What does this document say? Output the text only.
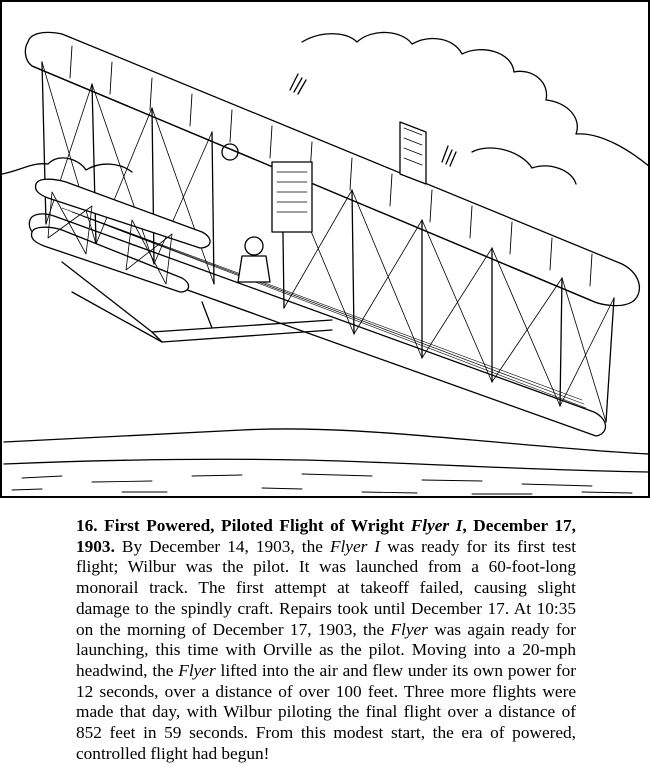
16. First Powered, Piloted Flight of Wright Flyer I, December 17, 1903. By December 14, 1903, the Flyer I was ready for its first test flight; Wilbur was the pilot. It was launched from a 60-foot-long monorail track. The first attempt at takeoff failed, causing slight damage to the spindly craft. Repairs took until December 17. At 10:35 on the morning of December 17, 1903, the Flyer was again ready for launching, this time with Orville as the pilot. Moving into a 20-mph headwind, the Flyer lifted into the air and flew under its own power for 12 seconds, over a distance of over 100 feet. Three more flights were made that day, with Wilbur piloting the final flight over a distance of 852 feet in 59 seconds. From this modest start, the era of powered, controlled flight had begun!
